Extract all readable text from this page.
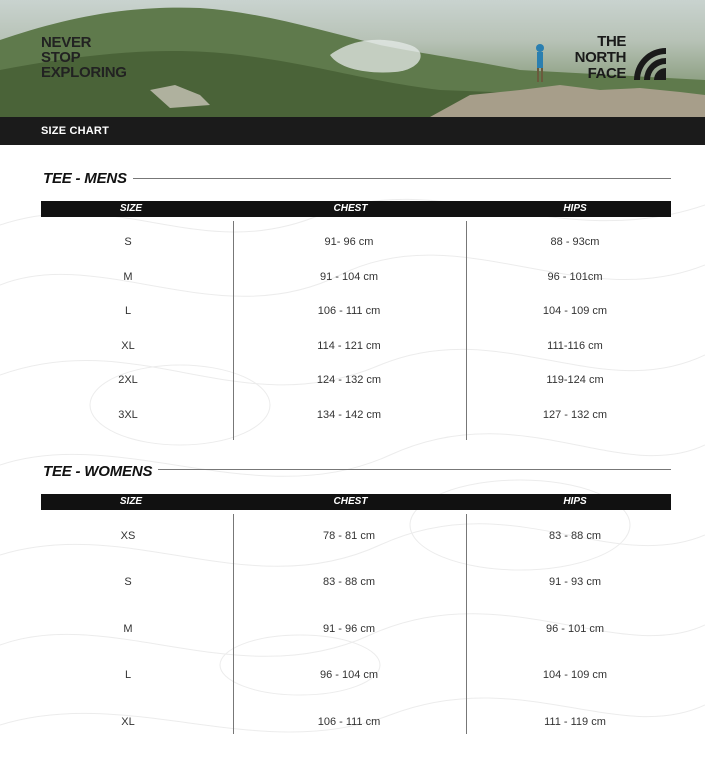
NEVER
STOP
EXPLORING
THE
NORTH
FACE
SIZE CHART
TEE - MENS
SIZE	CHEST	HIPS
S	91- 96 cm	88 - 93cm
M	91 - 104 cm	96 - 101cm
L	106 - 111 cm	104 - 109 cm
XL	114 - 121 cm	111-116 cm
2XL	124 - 132 cm	119-124 cm
3XL	134 - 142 cm	127 - 132 cm
TEE - WOMENS
SIZE	CHEST	HIPS
XS	78 - 81 cm	83 - 88 cm
S	83 - 88 cm	91 - 93 cm
M	91 - 96 cm	96 - 101 cm
L	96 - 104 cm	104 - 109 cm
XL	106 - 111 cm	111 - 119 cm
